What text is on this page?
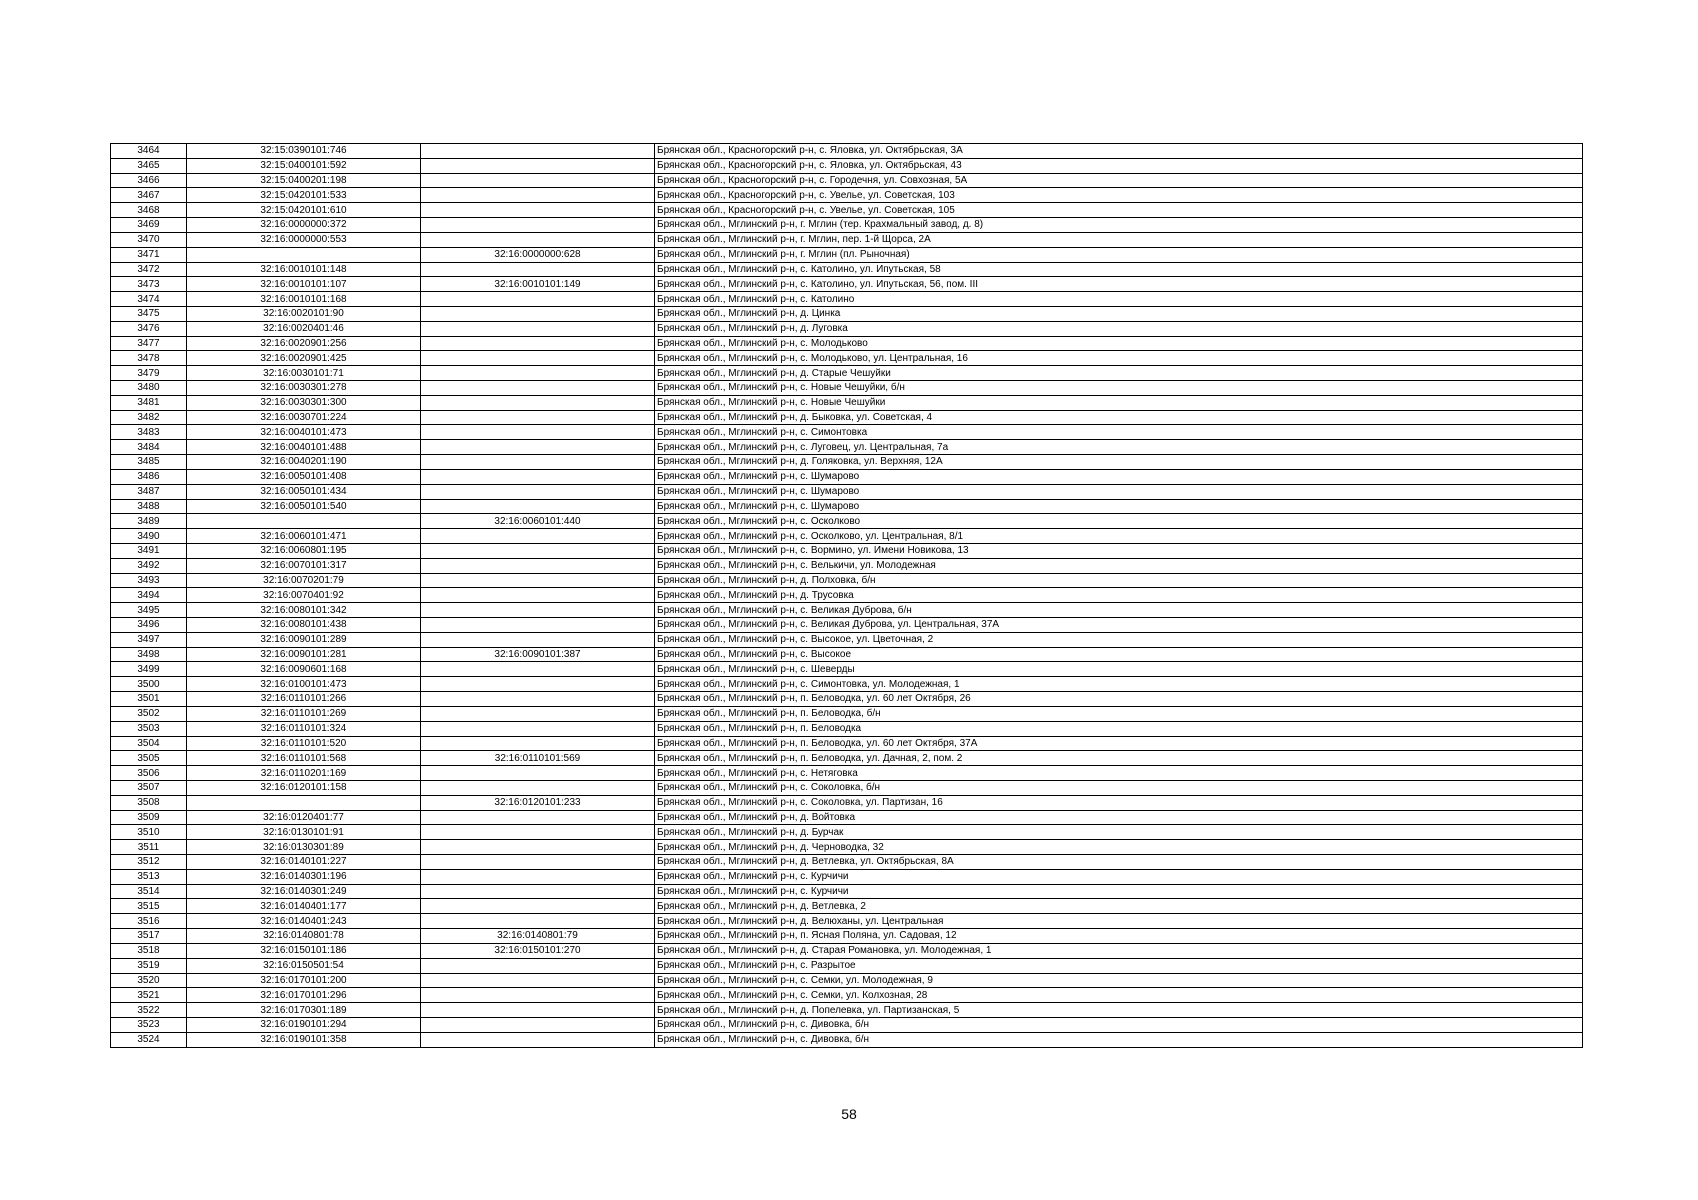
3464	32:15:0390101:746		Брянская обл., Красногорский р-н, с. Яловка, ул. Октябрьская, 3А
3465	32:15:0400101:592		Брянская обл., Красногорский р-н, с. Яловка, ул. Октябрьская, 43
3466	32:15:0400201:198		Брянская обл., Красногорский р-н, с. Городечня, ул. Совхозная, 5А
3467	32:15:0420101:533		Брянская обл., Красногорский р-н, с. Увелье, ул. Советская, 103
3468	32:15:0420101:610		Брянская обл., Красногорский р-н, с. Увелье, ул. Советская, 105
3469	32:16:0000000:372		Брянская обл., Мглинский р-н, г. Мглин (тер. Крахмальный завод, д. 8)
3470	32:16:0000000:553		Брянская обл., Мглинский р-н, г. Мглин, пер. 1-й Щорса, 2А
3471		32:16:0000000:628	Брянская обл., Мглинский р-н, г. Мглин (пл. Рыночная)
3472	32:16:0010101:148		Брянская обл., Мглинский р-н, с. Католино, ул. Ипутьская, 58
3473	32:16:0010101:107	32:16:0010101:149	Брянская обл., Мглинский р-н, с. Католино, ул. Ипутьская, 56, пом. III
3474	32:16:0010101:168		Брянская обл., Мглинский р-н, с. Католино
3475	32:16:0020101:90		Брянская обл., Мглинский р-н, д. Цинка
3476	32:16:0020401:46		Брянская обл., Мглинский р-н, д. Луговка
3477	32:16:0020901:256		Брянская обл., Мглинский р-н, с. Молодьково
3478	32:16:0020901:425		Брянская обл., Мглинский р-н, с. Молодьково, ул. Центральная, 16
3479	32:16:0030101:71		Брянская обл., Мглинский р-н, д. Старые Чешуйки
3480	32:16:0030301:278		Брянская обл., Мглинский р-н, с. Новые Чешуйки, б/н
3481	32:16:0030301:300		Брянская обл., Мглинский р-н, с. Новые Чешуйки
3482	32:16:0030701:224		Брянская обл., Мглинский р-н, д. Быковка, ул. Советская, 4
3483	32:16:0040101:473		Брянская обл., Мглинский р-н, с. Симонтовка
3484	32:16:0040101:488		Брянская обл., Мглинский р-н, с. Луговец, ул. Центральная, 7а
3485	32:16:0040201:190		Брянская обл., Мглинский р-н, д. Голяковка, ул. Верхняя, 12А
3486	32:16:0050101:408		Брянская обл., Мглинский р-н, с. Шумарово
3487	32:16:0050101:434		Брянская обл., Мглинский р-н, с. Шумарово
3488	32:16:0050101:540		Брянская обл., Мглинский р-н, с. Шумарово
3489		32:16:0060101:440	Брянская обл., Мглинский р-н, с. Осколково
3490	32:16:0060101:471		Брянская обл., Мглинский р-н, с. Осколково, ул. Центральная, 8/1
3491	32:16:0060801:195		Брянская обл., Мглинский р-н, с. Вормино, ул. Имени Новикова, 13
3492	32:16:0070101:317		Брянская обл., Мглинский р-н, с. Велькичи, ул. Молодежная
3493	32:16:0070201:79		Брянская обл., Мглинский р-н, д. Полховка, б/н
3494	32:16:0070401:92		Брянская обл., Мглинский р-н, д. Трусовка
3495	32:16:0080101:342		Брянская обл., Мглинский р-н, с. Великая Дуброва, б/н
3496	32:16:0080101:438		Брянская обл., Мглинский р-н, с. Великая Дуброва, ул. Центральная, 37А
3497	32:16:0090101:289		Брянская обл., Мглинский р-н, с. Высокое, ул. Цветочная, 2
3498	32:16:0090101:281	32:16:0090101:387	Брянская обл., Мглинский р-н, с. Высокое
3499	32:16:0090601:168		Брянская обл., Мглинский р-н, с. Шеверды
3500	32:16:0100101:473		Брянская обл., Мглинский р-н, с. Симонтовка, ул. Молодежная, 1
3501	32:16:0110101:266		Брянская обл., Мглинский р-н, п. Беловодка, ул. 60 лет Октября, 26
3502	32:16:0110101:269		Брянская обл., Мглинский р-н, п. Беловодка, б/н
3503	32:16:0110101:324		Брянская обл., Мглинский р-н, п. Беловодка
3504	32:16:0110101:520		Брянская обл., Мглинский р-н, п. Беловодка, ул. 60 лет Октября, 37А
3505	32:16:0110101:568	32:16:0110101:569	Брянская обл., Мглинский р-н, п. Беловодка, ул. Дачная, 2, пом. 2
3506	32:16:0110201:169		Брянская обл., Мглинский р-н, с. Нетяговка
3507	32:16:0120101:158		Брянская обл., Мглинский р-н, с. Соколовка, б/н
3508		32:16:0120101:233	Брянская обл., Мглинский р-н, с. Соколовка, ул. Партизан, 16
3509	32:16:0120401:77		Брянская обл., Мглинский р-н, д. Войтовка
3510	32:16:0130101:91		Брянская обл., Мглинский р-н, д. Бурчак
3511	32:16:0130301:89		Брянская обл., Мглинский р-н, д. Черноводка, 32
3512	32:16:0140101:227		Брянская обл., Мглинский р-н, д. Ветлевка, ул. Октябрьская, 8А
3513	32:16:0140301:196		Брянская обл., Мглинский р-н, с. Курчичи
3514	32:16:0140301:249		Брянская обл., Мглинский р-н, с. Курчичи
3515	32:16:0140401:177		Брянская обл., Мглинский р-н, д. Ветлевка, 2
3516	32:16:0140401:243		Брянская обл., Мглинский р-н, д. Велюханы, ул. Центральная
3517	32:16:0140801:78	32:16:0140801:79	Брянская обл., Мглинский р-н, п. Ясная Поляна, ул. Садовая, 12
3518	32:16:0150101:186	32:16:0150101:270	Брянская обл., Мглинский р-н, д. Старая Романовка, ул. Молодежная, 1
3519	32:16:0150501:54		Брянская обл., Мглинский р-н, с. Разрытое
3520	32:16:0170101:200		Брянская обл., Мглинский р-н, с. Семки, ул. Молодежная, 9
3521	32:16:0170101:296		Брянская обл., Мглинский р-н, с. Семки, ул. Колхозная, 28
3522	32:16:0170301:189		Брянская обл., Мглинский р-н, д. Попелевка, ул. Партизанская, 5
3523	32:16:0190101:294		Брянская обл., Мглинский р-н, с. Дивовка, б/н
3524	32:16:0190101:358		Брянская обл., Мглинский р-н, с. Дивовка, б/н
58
